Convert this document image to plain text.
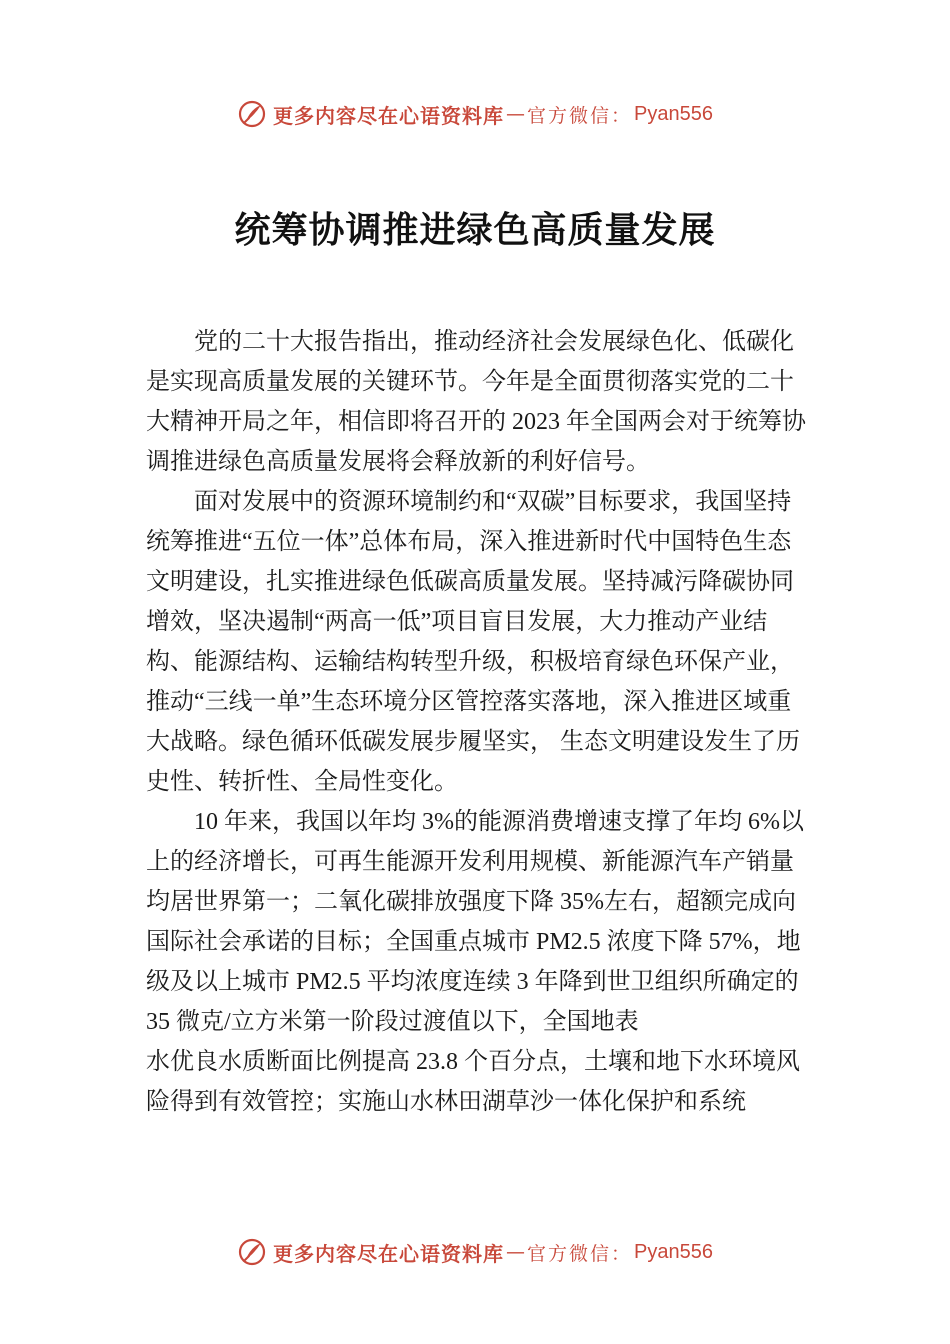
更多内容尽在心语资料库 — 官方微信： Pyan556
统筹协调推进绿色高质量发展

党的二十大报告指出，推动经济社会发展绿色化、低碳化是实现高质量发展的关键环节。今年是全面贯彻落实党的二十大精神开局之年，相信即将召开的 2023 年全国两会对于统筹协调推进绿色高质量发展将会释放新的利好信号。

面对发展中的资源环境制约和“双碳”目标要求，我国坚持统筹推进“五位一体”总体布局，深入推进新时代中国特色生态文明建设，扎实推进绿色低碳高质量发展。坚持减污降碳协同增效，坚决遏制“两高一低”项目盲目发展，大力推动产业结构、能源结构、运输结构转型升级，积极培育绿色环保产业，推动“三线一单”生态环境分区管控落实落地，深入推进区域重大战略。绿色循环低碳发展步履坚实， 生态文明建设发生了历史性、转折性、全局性变化。

10 年来，我国以年均 3%的能源消费增速支撑了年均 6%以上的经济增长，可再生能源开发利用规模、新能源汽车产销量均居世界第一；二氧化碳排放强度下降 35%左右，超额完成向国际社会承诺的目标；全国重点城市 PM2.5 浓度下降 57%，地级及以上城市 PM2.5 平均浓度连续 3 年降到世卫组织所确定的 35 微克/立方米第一阶段过渡值以下，全国地表

水优良水质断面比例提高 23.8 个百分点，土壤和地下水环境风险得到有效管控；实施山水林田湖草沙一体化保护和系统

更多内容尽在心语资料库 — 官方微信： Pyan556
